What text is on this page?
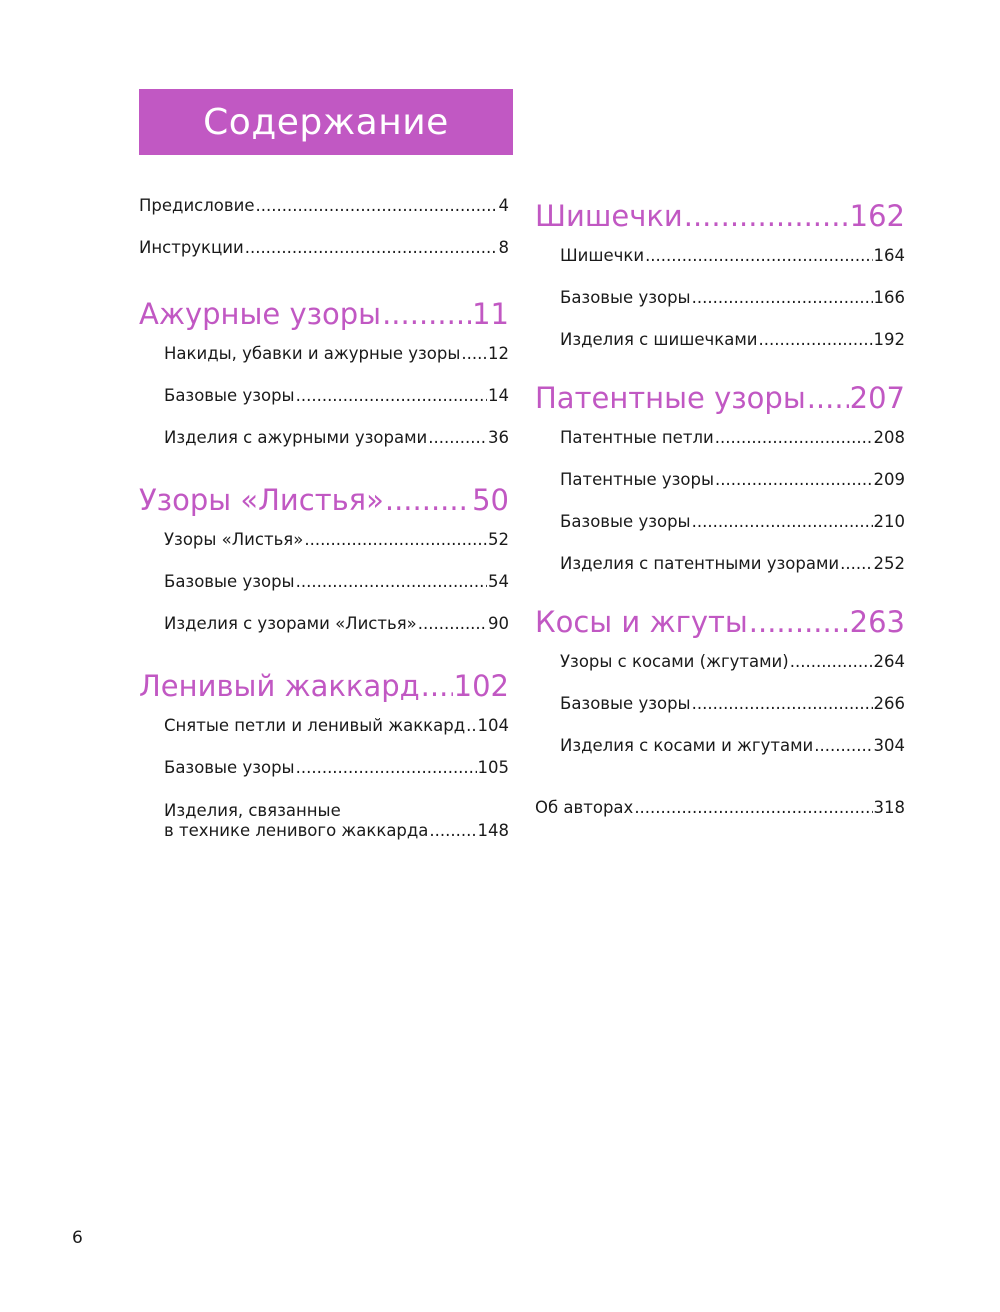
Содержание
Предисловие .....	4
Инструкции .....	8
Ажурные узоры .....	11
Накиды, убавки и ажурные узоры ..... 12
Базовые узоры .....	14
Изделия с ажурными узорами .....	36
Узоры «Листья» .....	50
Узоры «Листья» .....	52
Базовые узоры .....	54
Изделия с узорами «Листья» .....	90
Ленивый жаккард ..... 102
Снятые петли и ленивый жаккард ..... 104
Базовые узоры .....	105
Изделия, связанные
в технике ленивого жаккарда .....	148
Шишечки .....	162
Шишечки .....	164
Базовые узоры .....	166
Изделия с шишечками .....	192
Патентные узоры ..... 207
Патентные петли .....	208
Патентные узоры .....	209
Базовые узоры .....	210
Изделия с патентными узорами ..... 252
Косы и жгуты .....	263
Узоры с косами (жгутами) .....	264
Базовые узоры .....	266
Изделия с косами и жгутами .....	304
Об авторах .....	318
6
